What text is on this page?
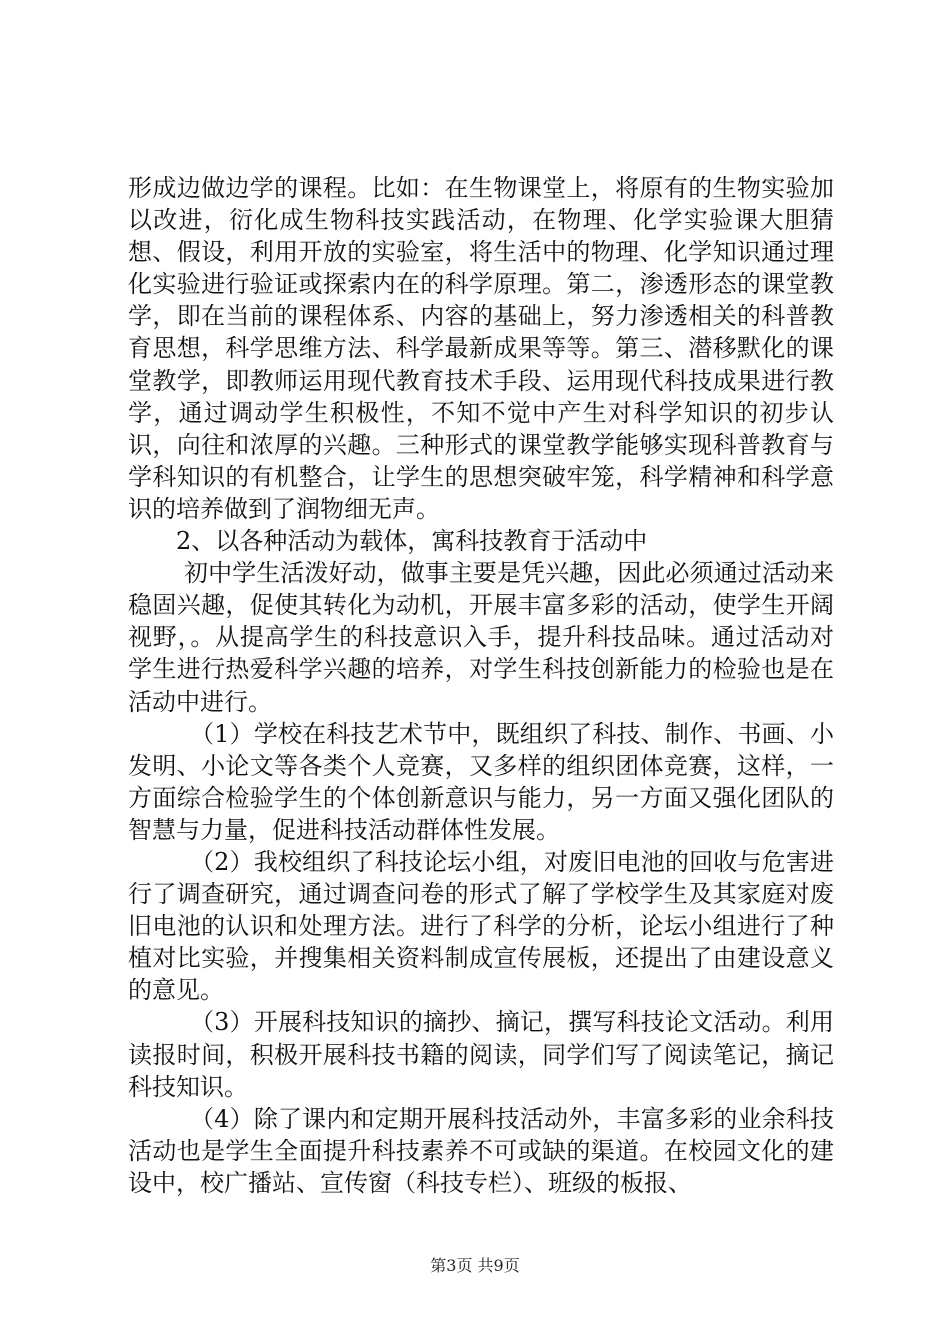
形成边做边学的课程。比如：在生物课堂上，将原有的生物实验加以改进，衍化成生物科技实践活动，在物理、化学实验课大胆猜想、假设，利用开放的实验室，将生活中的物理、化学知识通过理化实验进行验证或探索内在的科学原理。第二，渗透形态的课堂教学，即在当前的课程体系、内容的基础上，努力渗透相关的科普教育思想，科学思维方法、科学最新成果等等。第三、潜移默化的课堂教学，即教师运用现代教育技术手段、运用现代科技成果进行教学，通过调动学生积极性，不知不觉中产生对科学知识的初步认识，向往和浓厚的兴趣。三种形式的课堂教学能够实现科普教育与学科知识的有机整合，让学生的思想突破牢笼，科学精神和科学意识的培养做到了润物细无声。

2、以各种活动为载体，寓科技教育于活动中

初中学生活泼好动，做事主要是凭兴趣，因此必须通过活动来稳固兴趣，促使其转化为动机，开展丰富多彩的活动，使学生开阔视野，。从提高学生的科技意识入手，提升科技品味。通过活动对学生进行热爱科学兴趣的培养，对学生科技创新能力的检验也是在活动中进行。

（1）学校在科技艺术节中，既组织了科技、制作、书画、小发明、小论文等各类个人竞赛，又多样的组织团体竞赛，这样，一方面综合检验学生的个体创新意识与能力，另一方面又强化团队的智慧与力量，促进科技活动群体性发展。

（2）我校组织了科技论坛小组，对废旧电池的回收与危害进行了调查研究，通过调查问卷的形式了解了学校学生及其家庭对废旧电池的认识和处理方法。进行了科学的分析，论坛小组进行了种植对比实验，并搜集相关资料制成宣传展板，还提出了由建设意义的意见。

（3）开展科技知识的摘抄、摘记，撰写科技论文活动。利用读报时间，积极开展科技书籍的阅读，同学们写了阅读笔记，摘记科技知识。

（4）除了课内和定期开展科技活动外，丰富多彩的业余科技活动也是学生全面提升科技素养不可或缺的渠道。在校园文化的建设中，校广播站、宣传窗（科技专栏）、班级的板报、

第3页 共9页
